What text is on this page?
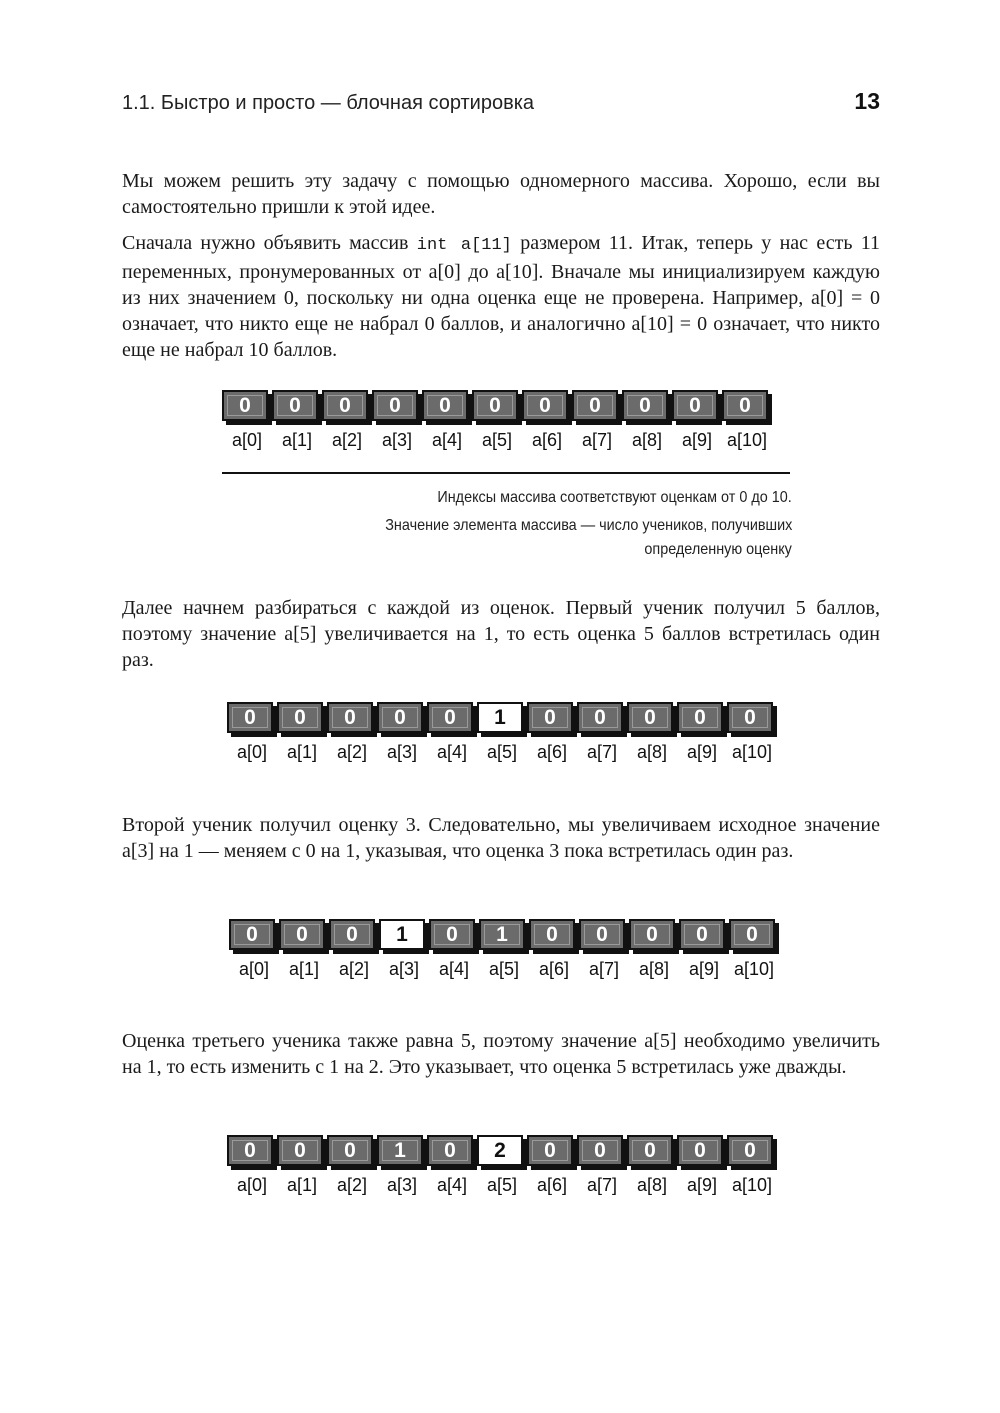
1.1. Быстро и просто — блочная сортировка	13

Мы можем решить эту задачу с помощью одномерного массива. Хорошо, если вы самостоятельно пришли к этой идее.

Сначала нужно объявить массив int a[11] размером 11. Итак, теперь у нас есть 11 переменных, пронумерованных от a[0] до a[10]. Вначале мы инициализируем каждую из них значением 0, поскольку ни одна оценка еще не проверена. Например, a[0] = 0 означает, что никто еще не набрал 0 баллов, и аналогично a[10] = 0 означает, что никто еще не набрал 10 баллов.

0	0	0	0	0	0	0	0	0	0	0
a[0]	a[1]	a[2]	a[3]	a[4]	a[5]	a[6]	a[7]	a[8]	a[9] a[10]
Индексы массива соответствуют оценкам от 0 до 10.
Значение элемента массива — число учеников, получивших
определенную оценку

Далее начнем разбираться с каждой из оценок. Первый ученик получил 5 баллов, поэтому значение a[5] увеличивается на 1, то есть оценка 5 баллов встретилась один раз.

0	0	0	0	0	1	0	0	0	0	0
a[0]	a[1]	a[2]	a[3]	a[4]	a[5]	a[6]	a[7]	a[8]	a[9] a[10]

Второй ученик получил оценку 3. Следовательно, мы увеличиваем исходное значение a[3] на 1 — меняем с 0 на 1, указывая, что оценка 3 пока встретилась один раз.

0	0	0	1	0	1	0	0	0	0	0
a[0]	a[1]	a[2]	a[3]	a[4]	a[5]	a[6]	a[7]	a[8]	a[9] a[10]

Оценка третьего ученика также равна 5, поэтому значение a[5] необходимо увеличить на 1, то есть изменить с 1 на 2. Это указывает, что оценка 5 встретилась уже дважды.

0	0	0	1	0	2	0	0	0	0	0
a[0]	a[1]	a[2]	a[3]	a[4]	a[5]	a[6]	a[7]	a[8]	a[9] a[10]
